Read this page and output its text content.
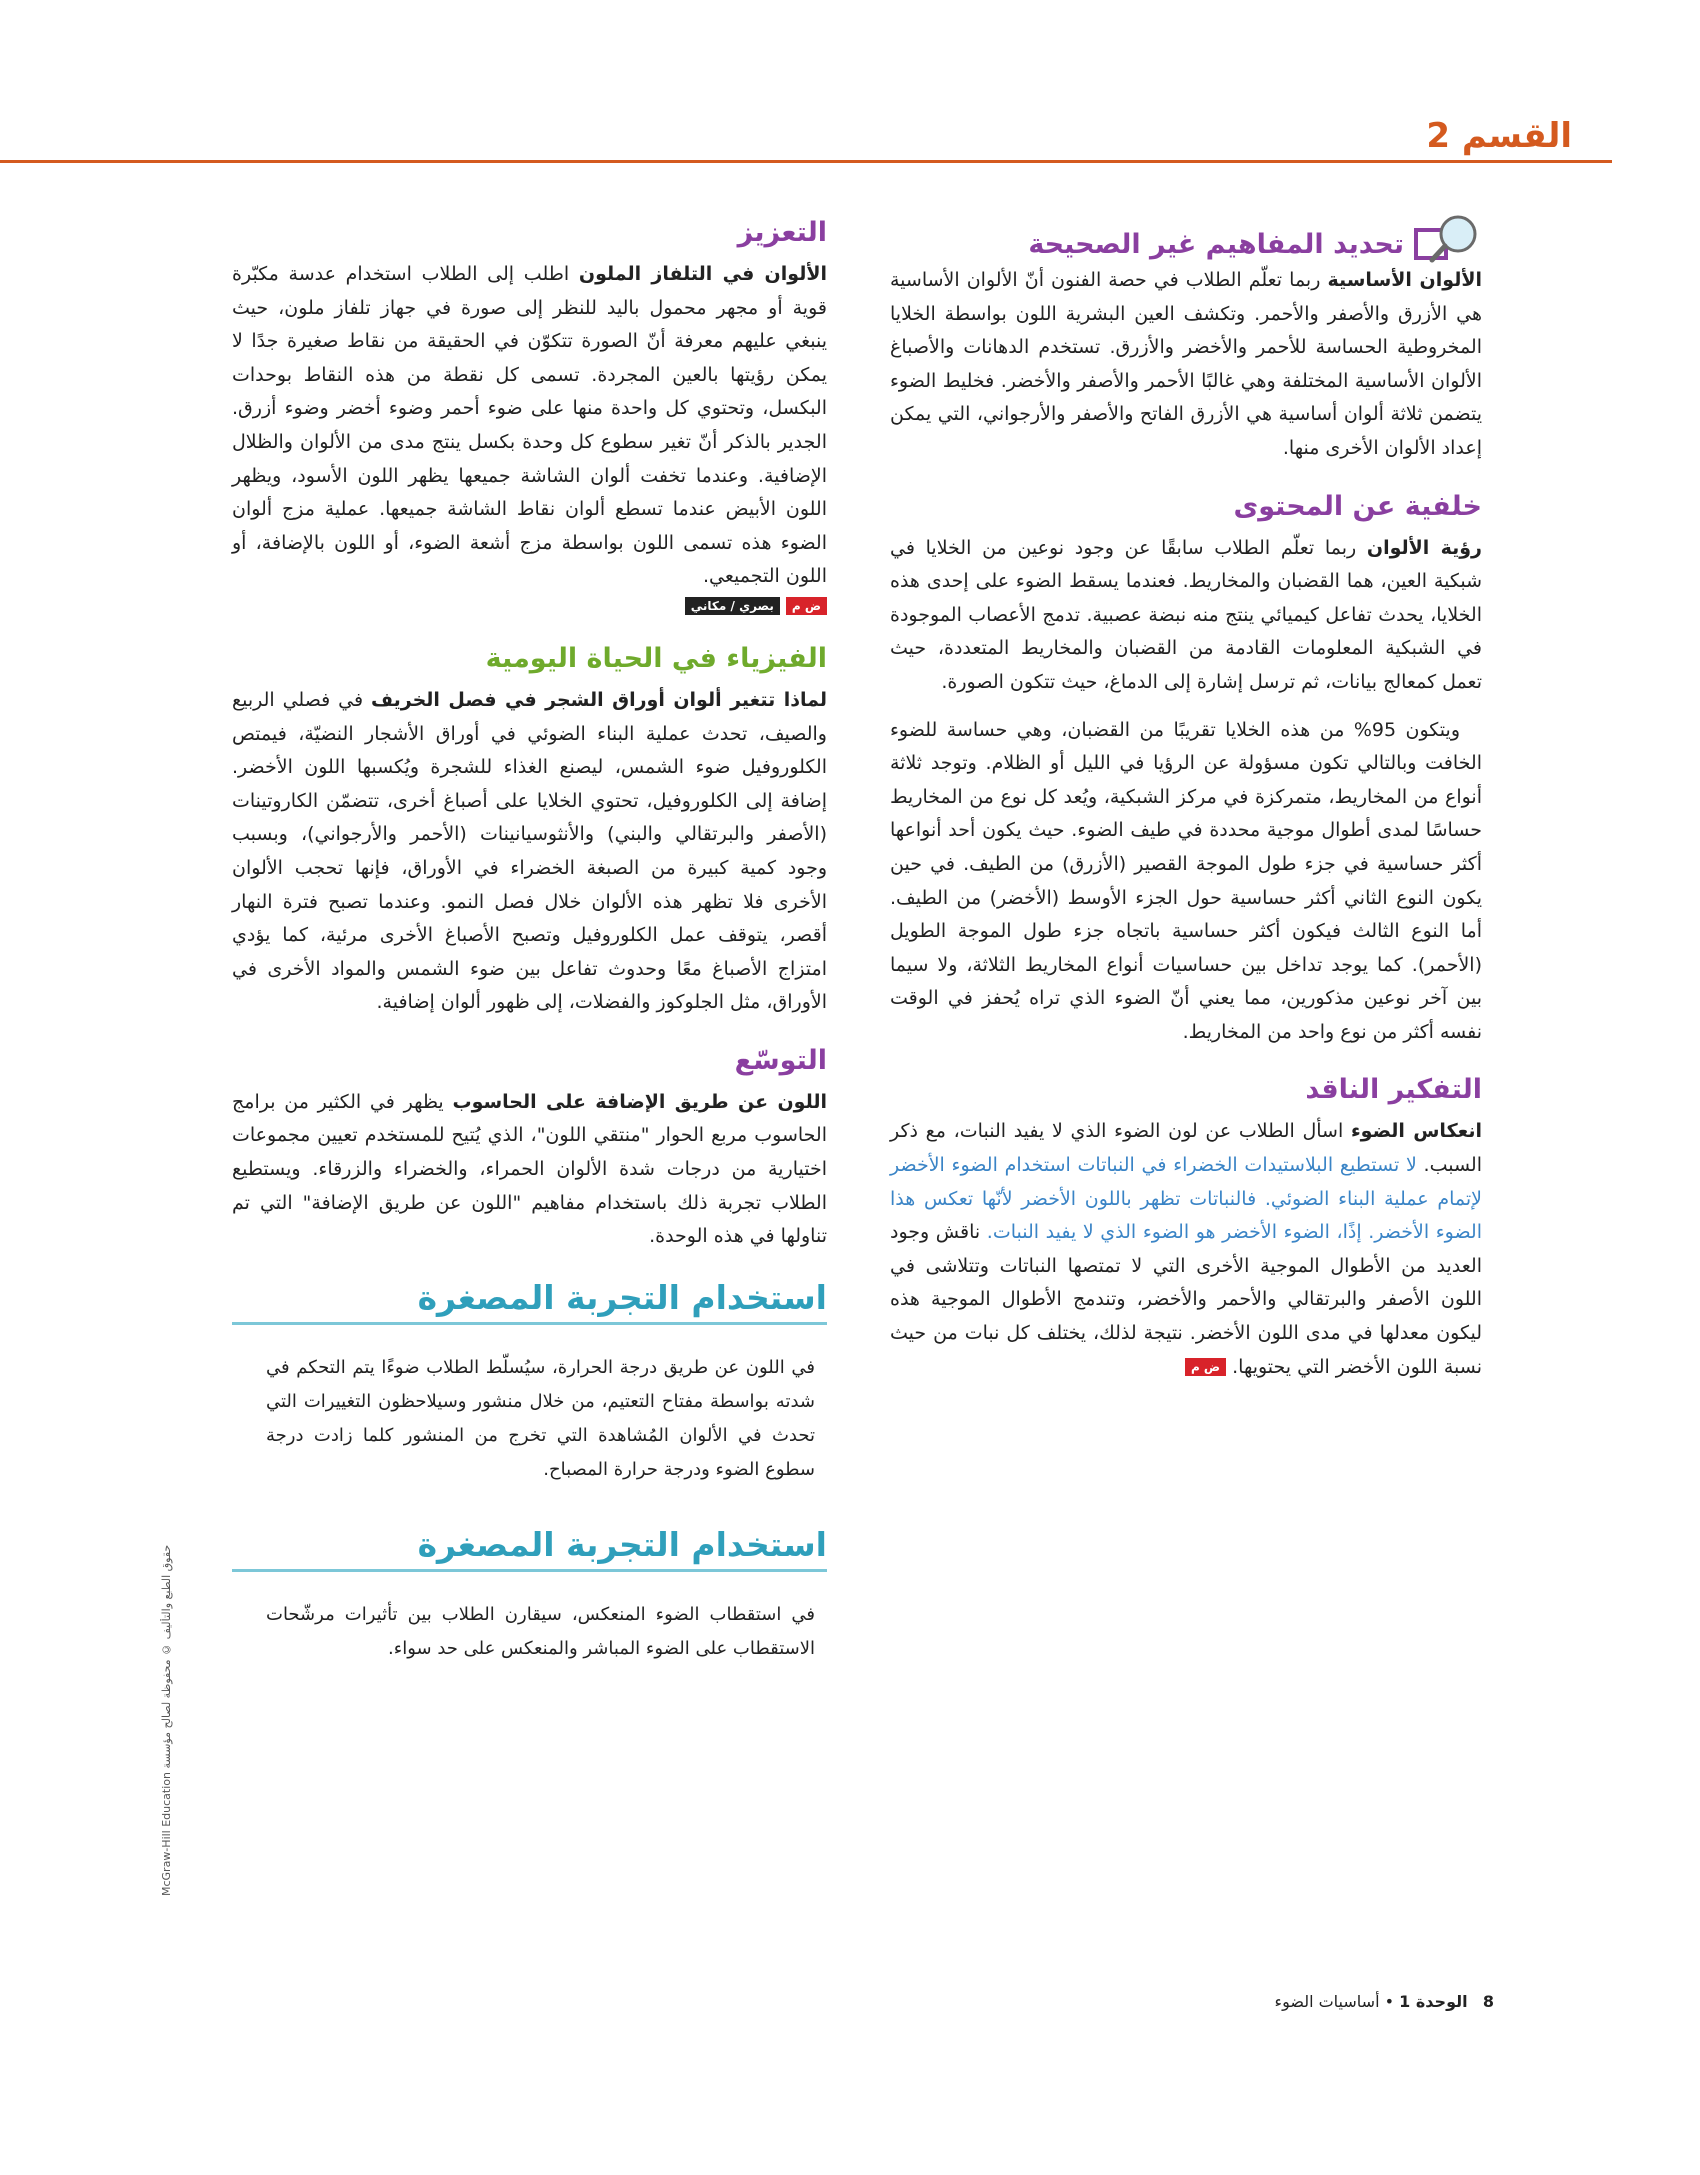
القسم 2
تحديد المفاهيم غير الصحيحة

الألوان الأساسية ربما تعلّم الطلاب في حصة الفنون أنّ الألوان الأساسية هي الأزرق والأصفر والأحمر. وتكشف العين البشرية اللون بواسطة الخلايا المخروطية الحساسة للأحمر والأخضر والأزرق. تستخدم الدهانات والأصباغ الألوان الأساسية المختلفة وهي غالبًا الأحمر والأصفر والأخضر. فخليط الضوء يتضمن ثلاثة ألوان أساسية هي الأزرق الفاتح والأصفر والأرجواني، التي يمكن إعداد الألوان الأخرى منها.

خلفية عن المحتوى

رؤية الألوان ربما تعلّم الطلاب سابقًا عن وجود نوعين من الخلايا في شبكية العين، هما القضبان والمخاريط. فعندما يسقط الضوء على إحدى هذه الخلايا، يحدث تفاعل كيميائي ينتج منه نبضة عصبية. تدمج الأعصاب الموجودة في الشبكية المعلومات القادمة من القضبان والمخاريط المتعددة، حيث تعمل كمعالج بيانات، ثم ترسل إشارة إلى الدماغ، حيث تتكون الصورة.

ويتكون 95% من هذه الخلايا تقريبًا من القضبان، وهي حساسة للضوء الخافت وبالتالي تكون مسؤولة عن الرؤيا في الليل أو الظلام. وتوجد ثلاثة أنواع من المخاريط، متمركزة في مركز الشبكية، ويُعد كل نوع من المخاريط حساسًا لمدى أطوال موجية محددة في طيف الضوء. حيث يكون أحد أنواعها أكثر حساسية في جزء طول الموجة القصير (الأزرق) من الطيف. في حين يكون النوع الثاني أكثر حساسية حول الجزء الأوسط (الأخضر) من الطيف. أما النوع الثالث فيكون أكثر حساسية باتجاه جزء طول الموجة الطويل (الأحمر). كما يوجد تداخل بين حساسيات أنواع المخاريط الثلاثة، ولا سيما بين آخر نوعين مذكورين، مما يعني أنّ الضوء الذي تراه يُحفز في الوقت نفسه أكثر من نوع واحد من المخاريط.

التفكير الناقد

انعكاس الضوء اسأل الطلاب عن لون الضوء الذي لا يفيد النبات، مع ذكر السبب. لا تستطيع البلاستيدات الخضراء في النباتات استخدام الضوء الأخضر لإتمام عملية البناء الضوئي. فالنباتات تظهر باللون الأخضر لأنّها تعكس هذا الضوء الأخضر. إذًا، الضوء الأخضر هو الضوء الذي لا يفيد النبات. ناقش وجود العديد من الأطوال الموجية الأخرى التي لا تمتصها النباتات وتتلاشى في اللون الأصفر والبرتقالي والأحمر والأخضر، وتندمج الأطوال الموجية هذه ليكون معدلها في مدى اللون الأخضر. نتيجة لذلك، يختلف كل نبات من حيث نسبة اللون الأخضر التي يحتويها. ض م

التعزيز

الألوان في التلفاز الملون اطلب إلى الطلاب استخدام عدسة مكبّرة قوية أو مجهر محمول باليد للنظر إلى صورة في جهاز تلفاز ملون، حيث ينبغي عليهم معرفة أنّ الصورة تتكوّن في الحقيقة من نقاط صغيرة جدًا لا يمكن رؤيتها بالعين المجردة. تسمى كل نقطة من هذه النقاط بوحدات البكسل، وتحتوي كل واحدة منها على ضوء أحمر وضوء أخضر وضوء أزرق. الجدير بالذكر أنّ تغير سطوع كل وحدة بكسل ينتج مدى من الألوان والظلال الإضافية. وعندما تخفت ألوان الشاشة جميعها يظهر اللون الأسود، ويظهر اللون الأبيض عندما تسطع ألوان نقاط الشاشة جميعها. عملية مزج ألوان الضوء هذه تسمى اللون بواسطة مزج أشعة الضوء، أو اللون بالإضافة، أو اللون التجميعي.

ض مبصري / مكاني
الفيزياء في الحياة اليومية

لماذا تتغير ألوان أوراق الشجر في فصل الخريف في فصلي الربيع والصيف، تحدث عملية البناء الضوئي في أوراق الأشجار النضيّة، فيمتص الكلوروفيل ضوء الشمس، ليصنع الغذاء للشجرة ويُكسبها اللون الأخضر. إضافة إلى الكلوروفيل، تحتوي الخلايا على أصباغ أخرى، تتضمّن الكاروتينات (الأصفر والبرتقالي والبني) والأنثوسيانينات (الأحمر والأرجواني)، وبسبب وجود كمية كبيرة من الصبغة الخضراء في الأوراق، فإنها تحجب الألوان الأخرى فلا تظهر هذه الألوان خلال فصل النمو. وعندما تصبح فترة النهار أقصر، يتوقف عمل الكلوروفيل وتصبح الأصباغ الأخرى مرئية، كما يؤدي امتزاج الأصباغ معًا وحدوث تفاعل بين ضوء الشمس والمواد الأخرى في الأوراق، مثل الجلوكوز والفضلات، إلى ظهور ألوان إضافية.

التوسّع

اللون عن طريق الإضافة على الحاسوب يظهر في الكثير من برامج الحاسوب مربع الحوار "منتقي اللون"، الذي يُتيح للمستخدم تعيين مجموعات اختيارية من درجات شدة الألوان الحمراء، والخضراء والزرقاء. ويستطيع الطلاب تجربة ذلك باستخدام مفاهيم "اللون عن طريق الإضافة" التي تم تناولها في هذه الوحدة.

استخدام التجربة المصغرة

في اللون عن طريق درجة الحرارة، سيُسلّط الطلاب ضوءًا يتم التحكم في شدته بواسطة مفتاح التعتيم، من خلال منشور وسيلاحظون التغييرات التي تحدث في الألوان المُشاهدة التي تخرج من المنشور كلما زادت درجة سطوع الضوء ودرجة حرارة المصباح.

استخدام التجربة المصغرة

في استقطاب الضوء المنعكس، سيقارن الطلاب بين تأثيرات مرشّحات الاستقطاب على الضوء المباشر والمنعكس على حد سواء.

حقوق الطبع والتأليف © محفوظة لصالح مؤسسة McGraw-Hill Education
8   الوحدة 1 • أساسيات الضوء
